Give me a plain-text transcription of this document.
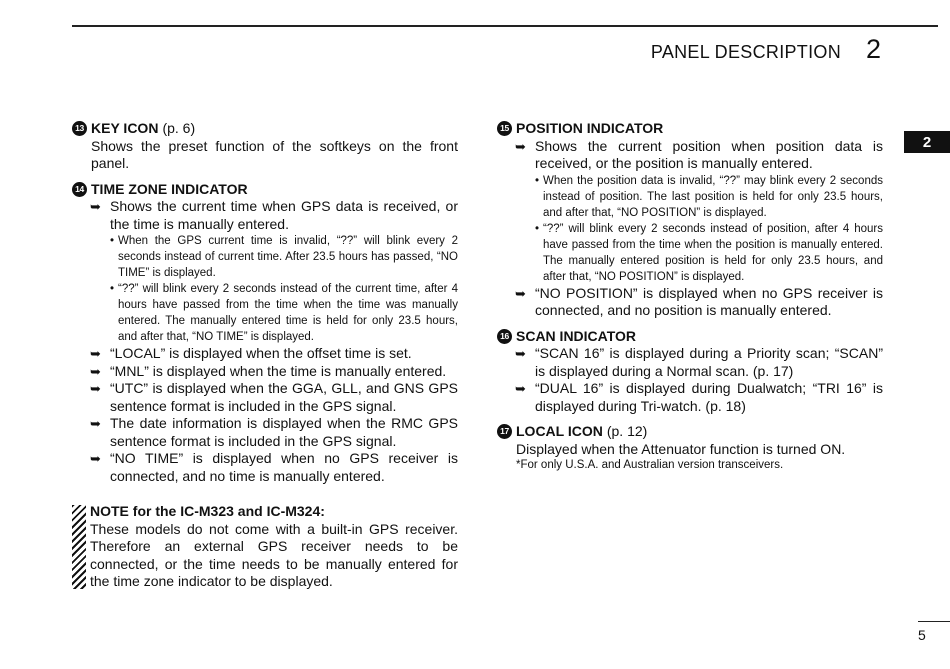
PANEL DESCRIPTION 2
2
13 KEY ICON (p. 6)
Shows the preset function of the softkeys on the front panel.
14 TIME ZONE INDICATOR
➥ Shows the current time when GPS data is received, or the time is manually entered.
• When the GPS current time is invalid, “??” will blink every 2 seconds instead of current time. After 23.5 hours has passed, “NO TIME” is displayed.
• “??” will blink every 2 seconds instead of the current time, after 4 hours have passed from the time when the time was manually entered. The manually entered time is held for only 23.5 hours, and after that, “NO TIME” is displayed.
➥ “LOCAL” is displayed when the offset time is set.
➥ “MNL” is displayed when the time is manually entered.
➥ “UTC” is displayed when the GGA, GLL, and GNS GPS sentence format is included in the GPS signal.
➥ The date information is displayed when the RMC GPS sentence format is included in the GPS signal.
➥ “NO TIME” is displayed when no GPS receiver is connected, and no time is manually entered.
NOTE for the IC-M323 and IC-M324:
These models do not come with a built-in GPS receiver. Therefore an external GPS receiver needs to be connected, or the time needs to be manually entered for the time zone indicator to be displayed.
15 POSITION INDICATOR
➥ Shows the current position when position data is received, or the position is manually entered.
• When the position data is invalid, “??” may blink every 2 seconds instead of position. The last position is held for only 23.5 hours, and after that, “NO POSITION” is displayed.
• “??” will blink every 2 seconds instead of position, after 4 hours have passed from the time when the position is manually entered. The manually entered position is held for only 23.5 hours, and after that, “NO POSITION” is displayed.
➥ “NO POSITION” is displayed when no GPS receiver is connected, and no position is manually entered.
16 SCAN INDICATOR
➥ “SCAN 16” is displayed during a Priority scan; “SCAN” is displayed during a Normal scan. (p. 17)
➥ “DUAL 16” is displayed during Dualwatch; “TRI 16” is displayed during Tri-watch. (p. 18)
17 LOCAL ICON (p. 12)
Displayed when the Attenuator function is turned ON.
*For only U.S.A. and Australian version transceivers.
5
